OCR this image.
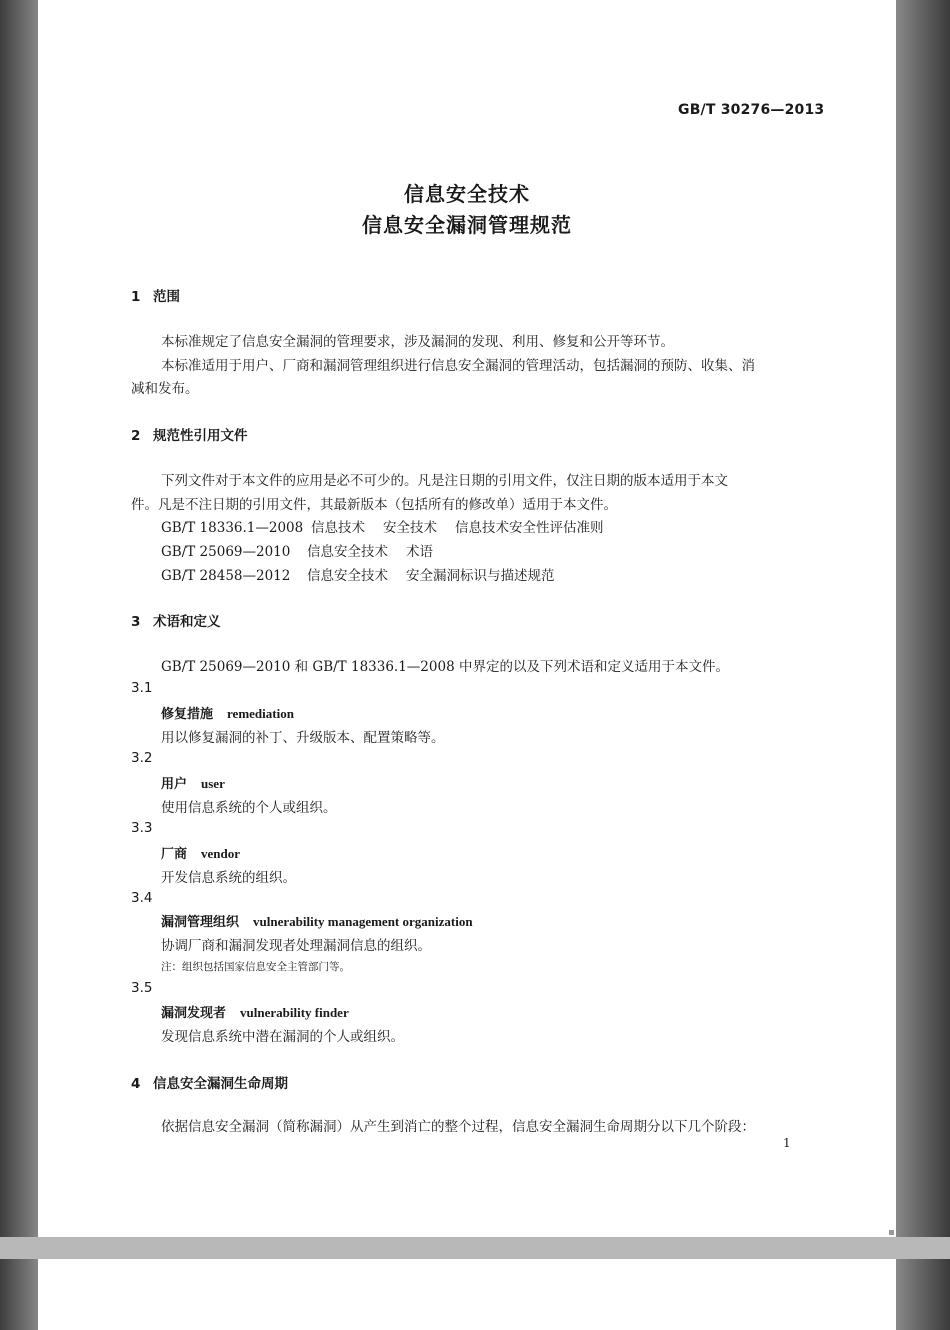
GB/T 30276—2013
信息安全技术
信息安全漏洞管理规范
1 范围
本标准规定了信息安全漏洞的管理要求，涉及漏洞的发现、利用、修复和公开等环节。
本标准适用于用户、厂商和漏洞管理组织进行信息安全漏洞的管理活动，包括漏洞的预防、收集、消
减和发布。
2 规范性引用文件
下列文件对于本文件的应用是必不可少的。凡是注日期的引用文件，仅注日期的版本适用于本文
件。凡是不注日期的引用文件，其最新版本（包括所有的修改单）适用于本文件。
GB/T 18336.1—2008 信息技术 安全技术 信息技术安全性评估准则
GB/T 25069—2010 信息安全技术 术语
GB/T 28458—2012 信息安全技术 安全漏洞标识与描述规范
3 术语和定义
GB/T 25069—2010 和 GB/T 18336.1—2008 中界定的以及下列术语和定义适用于本文件。
3.1
修复措施 remediation
用以修复漏洞的补丁、升级版本、配置策略等。
3.2
用户 user
使用信息系统的个人或组织。
3.3
厂商 vendor
开发信息系统的组织。
3.4
漏洞管理组织 vulnerability management organization
协调厂商和漏洞发现者处理漏洞信息的组织。
注：组织包括国家信息安全主管部门等。
3.5
漏洞发现者 vulnerability finder
发现信息系统中潜在漏洞的个人或组织。
4 信息安全漏洞生命周期
依据信息安全漏洞（简称漏洞）从产生到消亡的整个过程，信息安全漏洞生命周期分以下几个阶段：
1
